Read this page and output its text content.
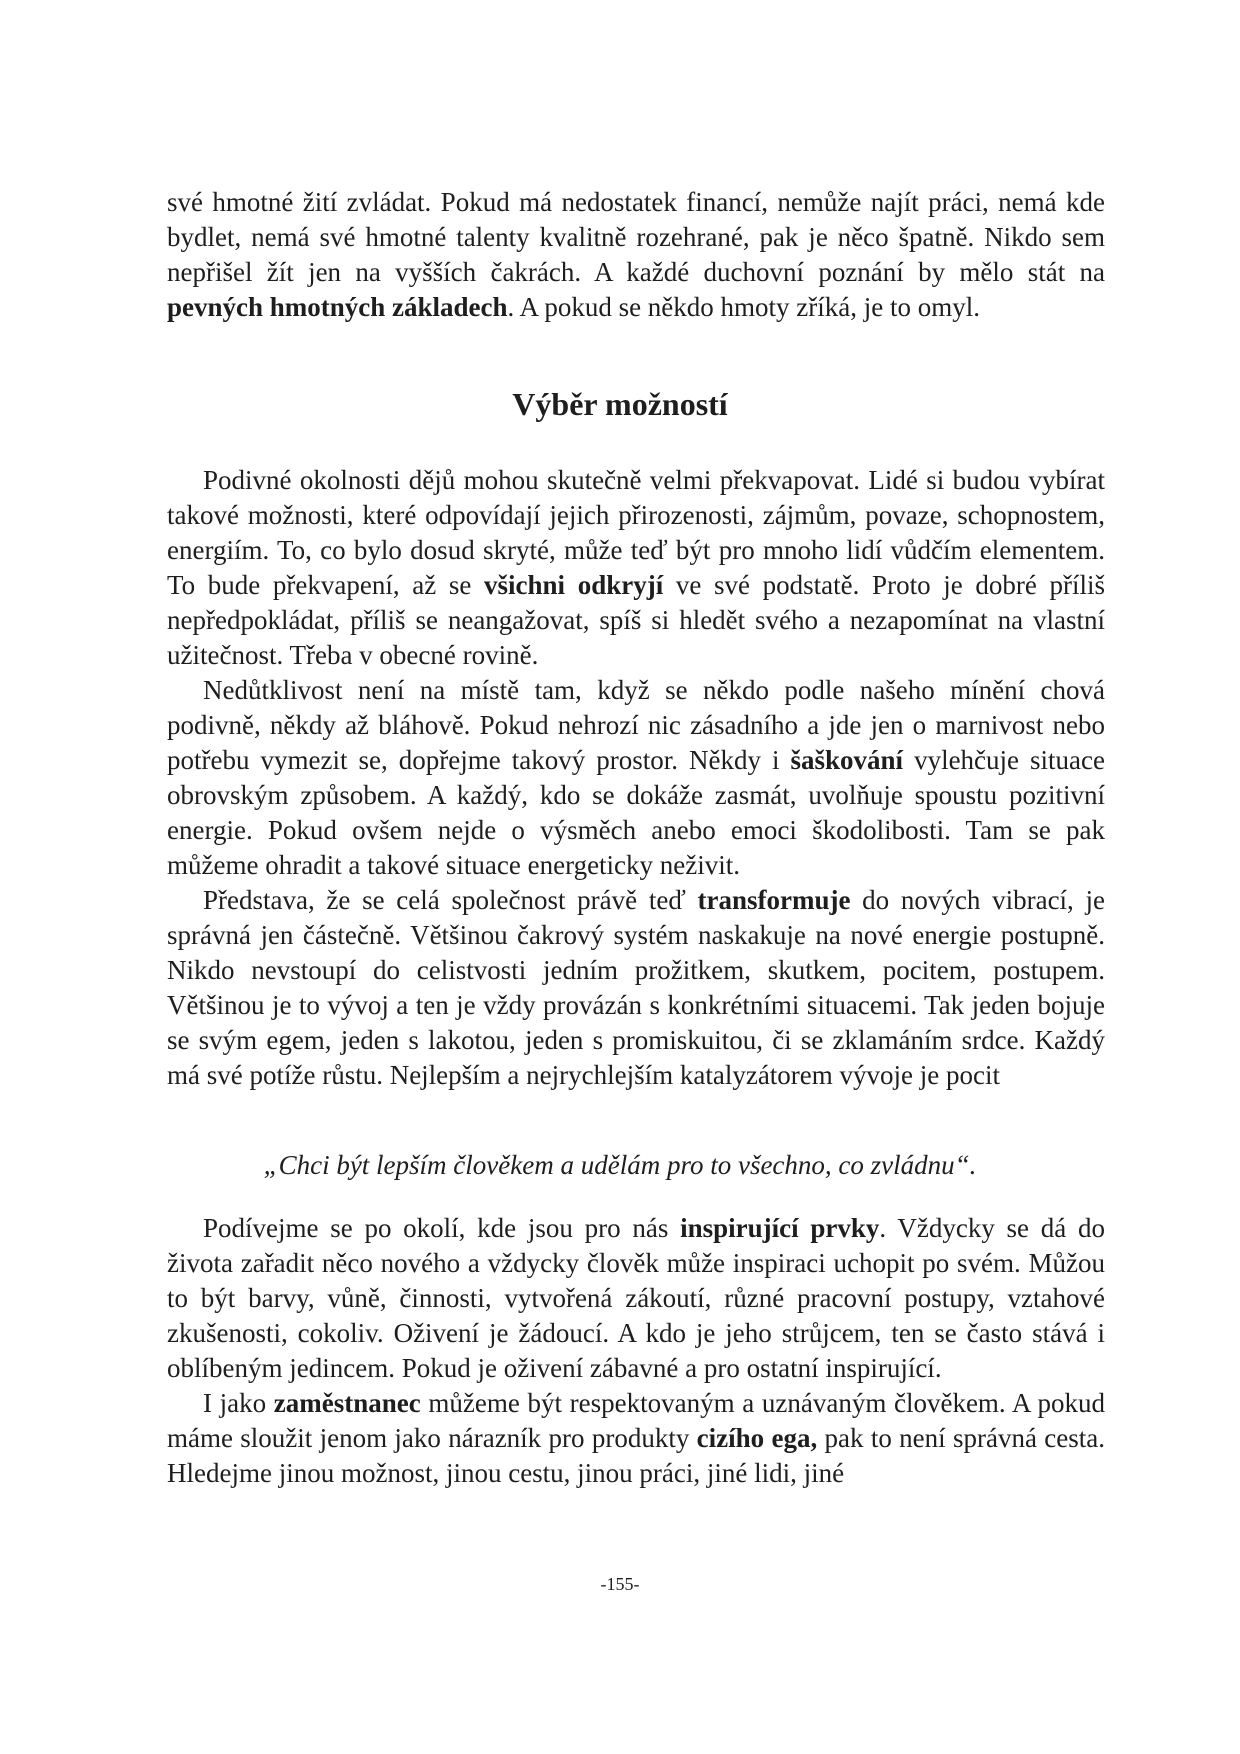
své hmotné žití zvládat. Pokud má nedostatek financí, nemůže najít práci, nemá kde bydlet, nemá své hmotné talenty kvalitně rozehrané, pak je něco špatně. Nikdo sem nepřišel žít jen na vyšších čakrách. A každé duchovní poznání by mělo stát na pevných hmotných základech. A pokud se někdo hmoty zříká, je to omyl.

Výběr možností

Podivné okolnosti dějů mohou skutečně velmi překvapovat. Lidé si budou vybírat takové možnosti, které odpovídají jejich přirozenosti, zájmům, povaze, schopnostem, energiím. To, co bylo dosud skryté, může teď být pro mnoho lidí vůdčím elementem. To bude překvapení, až se všichni odkryjí ve své podstatě. Proto je dobré příliš nepředpokládat, příliš se neangažovat, spíš si hledět svého a nezapomínat na vlastní užitečnost. Třeba v obecné rovině.

Nedůtklivost není na místě tam, když se někdo podle našeho mínění chová podivně, někdy až bláhově. Pokud nehrozí nic zásadního a jde jen o marnivost nebo potřebu vymezit se, dopřejme takový prostor. Někdy i šaškování vylehčuje situace obrovským způsobem. A každý, kdo se dokáže zasmát, uvolňuje spoustu pozitivní energie. Pokud ovšem nejde o výsměch anebo emoci škodolibosti. Tam se pak můžeme ohradit a takové situace energeticky neživit.

Představa, že se celá společnost právě teď transformuje do nových vibrací, je správná jen částečně. Většinou čakrový systém naskakuje na nové energie postupně. Nikdo nevstoupí do celistvosti jedním prožitkem, skutkem, pocitem, postupem. Většinou je to vývoj a ten je vždy provázán s konkrétními situacemi. Tak jeden bojuje se svým egem, jeden s lakotou, jeden s promiskuitou, či se zklamáním srdce. Každý má své potíže růstu. Nejlepším a nejrychlejším katalyzátorem vývoje je pocit

„Chci být lepším člověkem a udělám pro to všechno, co zvládnu“.

Podívejme se po okolí, kde jsou pro nás inspirující prvky. Vždycky se dá do života zařadit něco nového a vždycky člověk může inspiraci uchopit po svém. Můžou to být barvy, vůně, činnosti, vytvořená zákoutí, různé pracovní postupy, vztahové zkušenosti, cokoliv. Oživení je žádoucí. A kdo je jeho strůjcem, ten se často stává i oblíbeným jedincem. Pokud je oživení zábavné a pro ostatní inspirující.

I jako zaměstnanec můžeme být respektovaným a uznávaným člověkem. A pokud máme sloužit jenom jako nárazník pro produkty cizího ega, pak to není správná cesta. Hledejme jinou možnost, jinou cestu, jinou práci, jiné lidi, jiné

-155-
